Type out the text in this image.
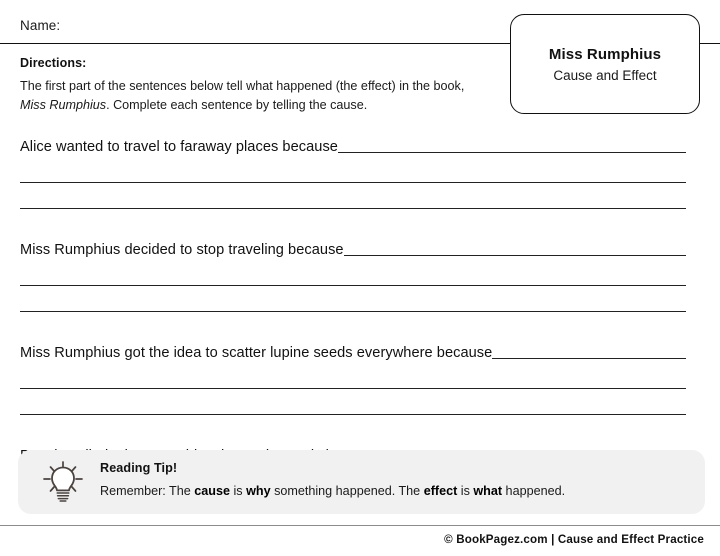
Name:
Miss Rumphius
Cause and Effect
Directions:
The first part of the sentences below tell what happened (the effect) in the book, Miss Rumphius. Complete each sentence by telling the cause.
Alice wanted to travel to faraway places because
Miss Rumphius decided to stop traveling because
Miss Rumphius got the idea to scatter lupine seeds everywhere because
Reading Tip!
Remember: The cause is why something happened. The effect is what happened.
© BookPagez.com | Cause and Effect Practice
